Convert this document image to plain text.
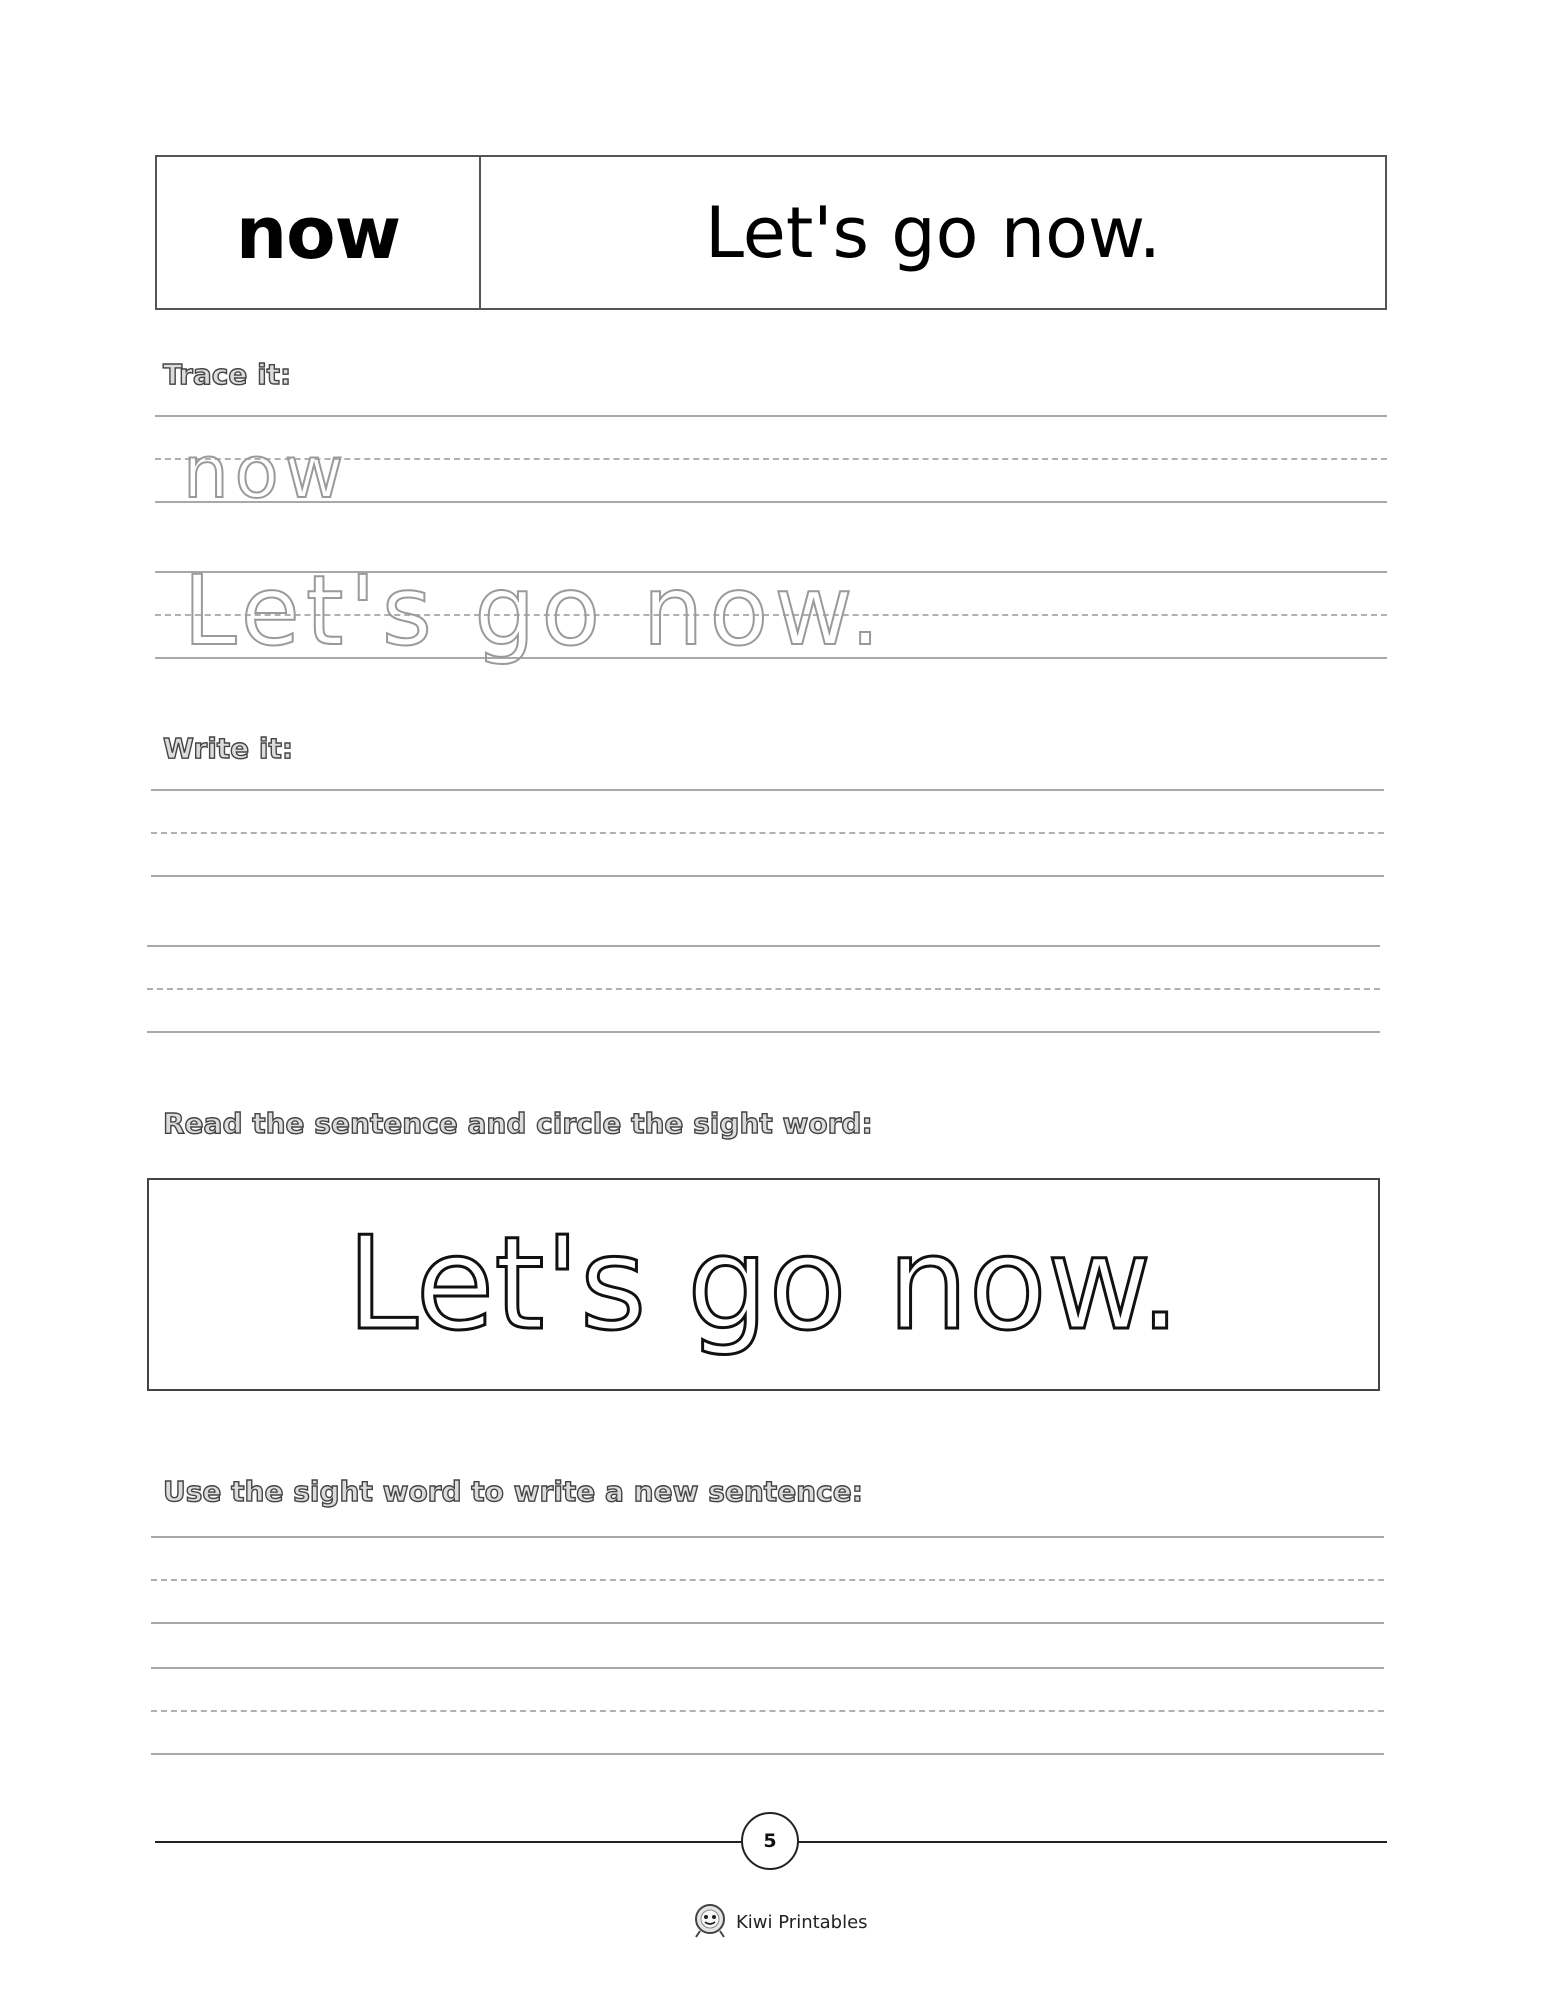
now	Let's go now.
Trace it:
now
Let's go now.
Write it:
Read the sentence and circle the sight word:
Let's go now.
Use the sight word to write a new sentence:
5
Kiwi Printables
